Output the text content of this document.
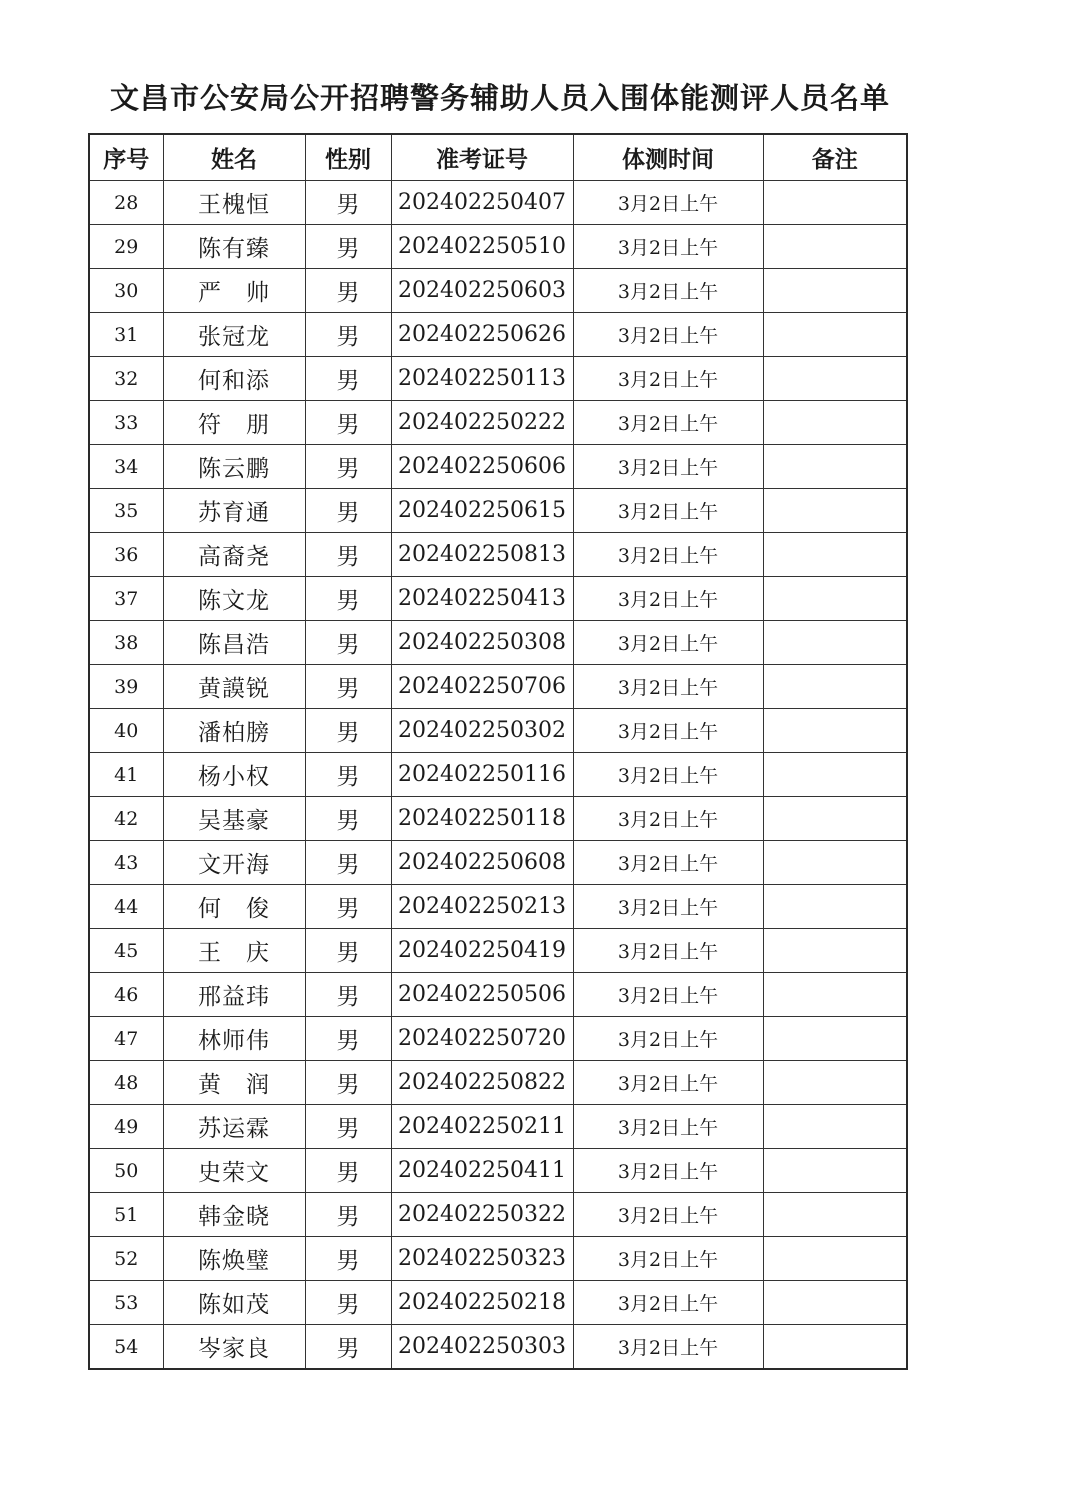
文昌市公安局公开招聘警务辅助人员入围体能测评人员名单
序号	姓名	性别	准考证号	体测时间	备注
28	王槐恒	男	202402250407	3月2日上午	
29	陈有臻	男	202402250510	3月2日上午	
30	严　帅	男	202402250603	3月2日上午	
31	张冠龙	男	202402250626	3月2日上午	
32	何和添	男	202402250113	3月2日上午	
33	符　朋	男	202402250222	3月2日上午	
34	陈云鹏	男	202402250606	3月2日上午	
35	苏育通	男	202402250615	3月2日上午	
36	高裔尧	男	202402250813	3月2日上午	
37	陈文龙	男	202402250413	3月2日上午	
38	陈昌浩	男	202402250308	3月2日上午	
39	黄謨锐	男	202402250706	3月2日上午	
40	潘柏膀	男	202402250302	3月2日上午	
41	杨小权	男	202402250116	3月2日上午	
42	吴基豪	男	202402250118	3月2日上午	
43	文开海	男	202402250608	3月2日上午	
44	何　俊	男	202402250213	3月2日上午	
45	王　庆	男	202402250419	3月2日上午	
46	邢益玮	男	202402250506	3月2日上午	
47	林师伟	男	202402250720	3月2日上午	
48	黄　润	男	202402250822	3月2日上午	
49	苏运霖	男	202402250211	3月2日上午	
50	史荣文	男	202402250411	3月2日上午	
51	韩金晓	男	202402250322	3月2日上午	
52	陈焕璧	男	202402250323	3月2日上午	
53	陈如茂	男	202402250218	3月2日上午	
54	岑家良	男	202402250303	3月2日上午	
